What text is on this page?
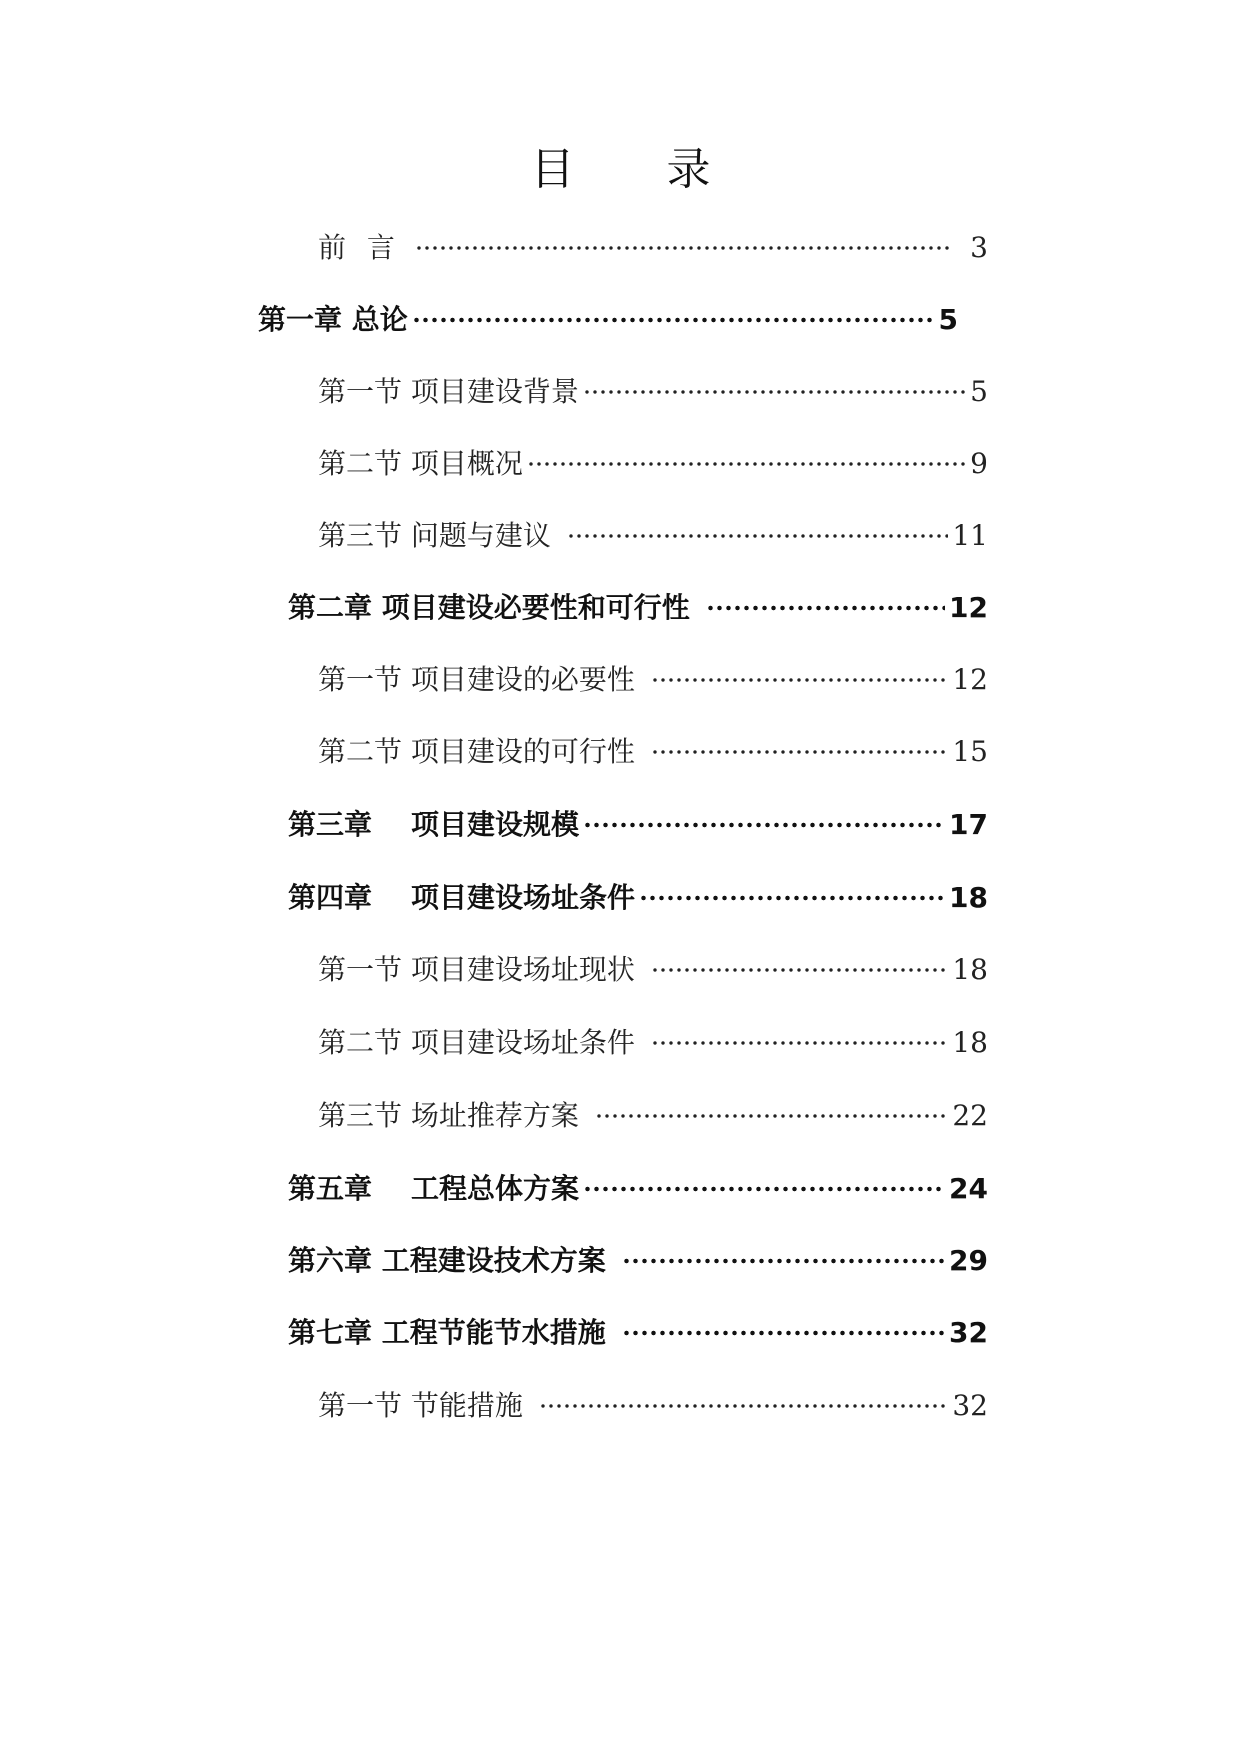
目 录
前 言	3
第一章 总论	5
第一节 项目建设背景	5
第二节 项目概况	9
第三节 问题与建议	11
第二章 项目建设必要性和可行性	12
第一节 项目建设的必要性	12
第二节 项目建设的可行性	15
第三章    项目建设规模	17
第四章    项目建设场址条件	18
第一节 项目建设场址现状	18
第二节 项目建设场址条件	18
第三节 场址推荐方案	22
第五章    工程总体方案	24
第六章 工程建设技术方案	29
第七章 工程节能节水措施	32
第一节 节能措施	32
